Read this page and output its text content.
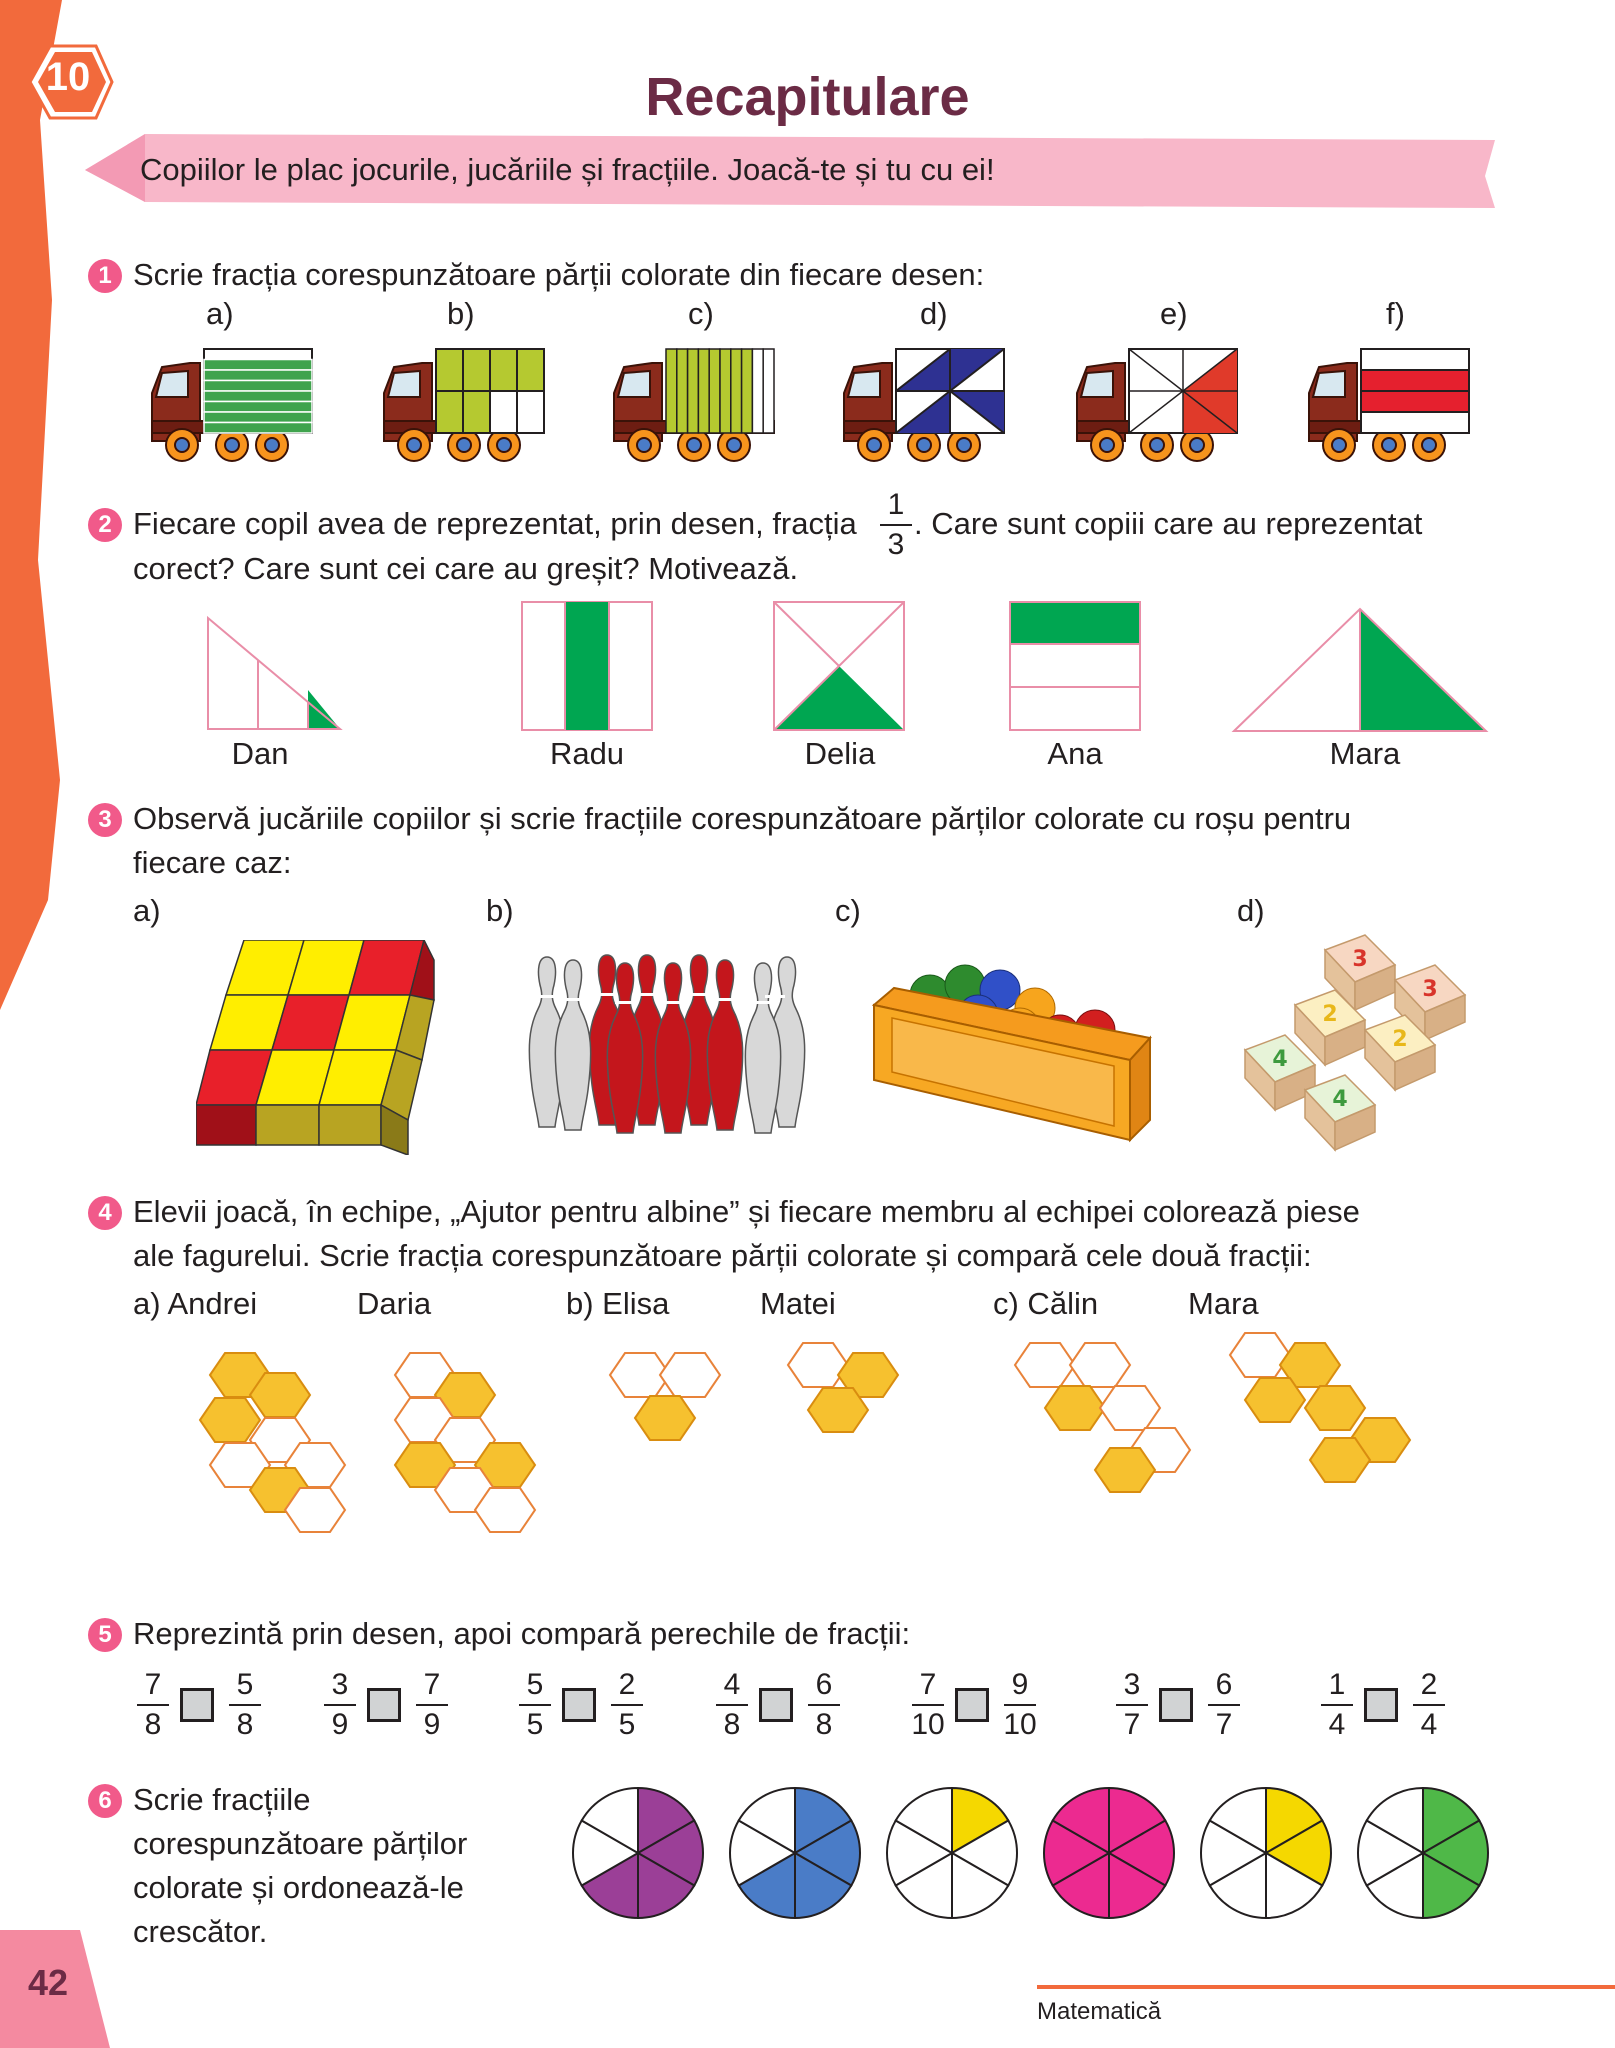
10	Recapitulare
Copiilor le plac jocurile, jucăriile și fracțiile. Joacă-te și tu cu ei!
1 Scrie fracția corespunzătoare părții colorate din fiecare desen:
a)	b)	c)	d)	e)	f)
2 Fiecare copil avea de reprezentat, prin desen, fracția
1
3
. Care sunt copiii care au reprezentat
corect? Care sunt cei care au greșit? Motivează.
Dan	Radu	Delia	Ana	Mara
3 Observă jucăriile copiilor și scrie fracțiile corespunzătoare părților colorate cu roșu pentru
fiecare caz:
a)	b)	c)	d)
3
3
2
2
4
4
4 Elevii joacă, în echipe, „Ajutor pentru albine” și fiecare membru al echipei colorează piese
ale fagurelui. Scrie fracția corespunzătoare părții colorate și compară cele două fracții:
a) Andrei	Daria	b) Elisa	Matei	c) Călin	Mara
5 Reprezintă prin desen, apoi compară perechile de fracții:
7
8
5
8
3
9
7
9
5
5
2
5
4
8
6
8
7
10
9
10
3
7
6
7
1
4
2
4
6 Scrie fracțiile
corespunzătoare părților
colorate și ordonează-le
crescător.
Matematică
42
